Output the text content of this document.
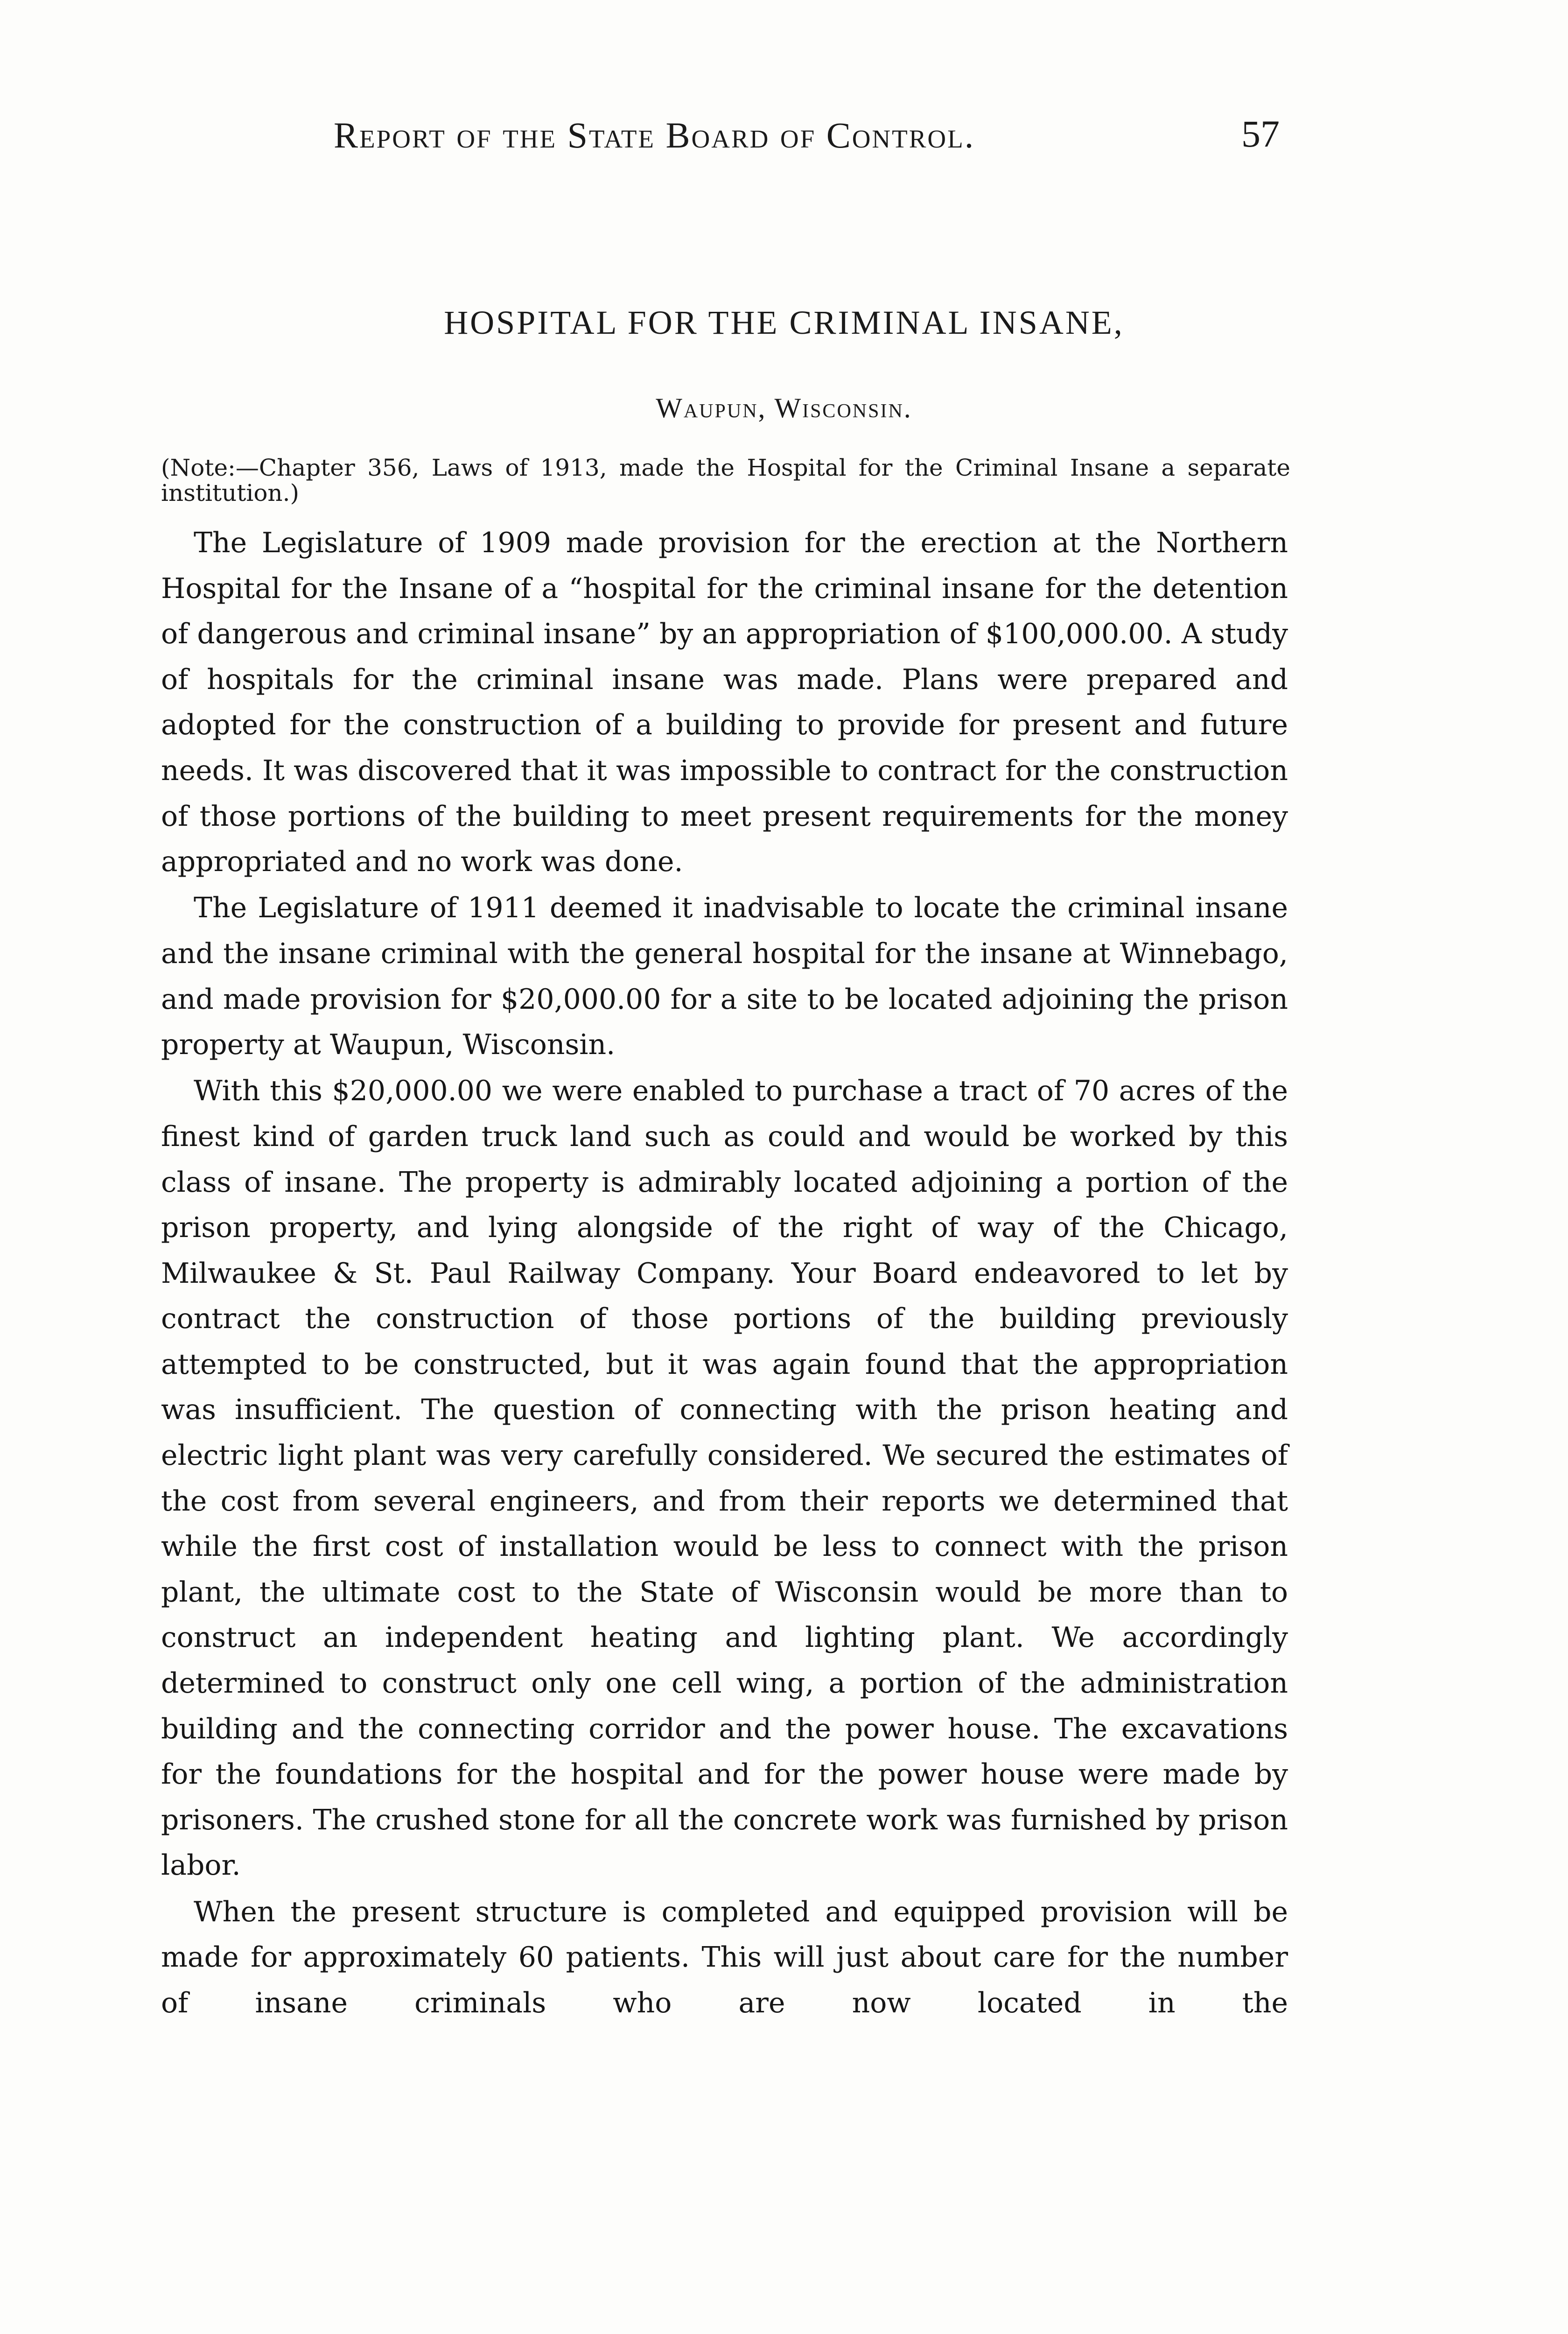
Report of the State Board of Control.	57
HOSPITAL FOR THE CRIMINAL INSANE,
Waupun, Wisconsin.
(Note:—Chapter 356, Laws of 1913, made the Hospital for the Criminal Insane a separate institution.)

The Legislature of 1909 made provision for the erection at the Northern Hospital for the Insane of a “hospital for the criminal insane for the detention of dangerous and criminal insane” by an appropriation of $100,000.00. A study of hospitals for the criminal insane was made. Plans were prepared and adopted for the construction of a building to provide for present and future needs. It was discovered that it was impossible to contract for the construction of those portions of the building to meet present requirements for the money appropriated and no work was done.

The Legislature of 1911 deemed it inadvisable to locate the criminal insane and the insane criminal with the general hospital for the insane at Winnebago, and made provision for $20,000.00 for a site to be located adjoining the prison property at Waupun, Wisconsin.

With this $20,000.00 we were enabled to purchase a tract of 70 acres of the finest kind of garden truck land such as could and would be worked by this class of insane. The property is admirably located adjoining a portion of the prison property, and lying alongside of the right of way of the Chicago, Milwaukee & St. Paul Railway Company. Your Board endeavored to let by contract the construction of those portions of the building previously attempted to be constructed, but it was again found that the appropriation was insufficient. The question of connecting with the prison heating and electric light plant was very carefully considered. We secured the estimates of the cost from several engineers, and from their reports we determined that while the first cost of installation would be less to connect with the prison plant, the ultimate cost to the State of Wisconsin would be more than to construct an independent heating and lighting plant. We accordingly determined to construct only one cell wing, a portion of the administration building and the connecting corridor and the power house. The excavations for the foundations for the hospital and for the power house were made by prisoners. The crushed stone for all the concrete work was furnished by prison labor.

When the present structure is completed and equipped provision will be made for approximately 60 patients. This will just about care for the number of insane criminals who are now located in the
